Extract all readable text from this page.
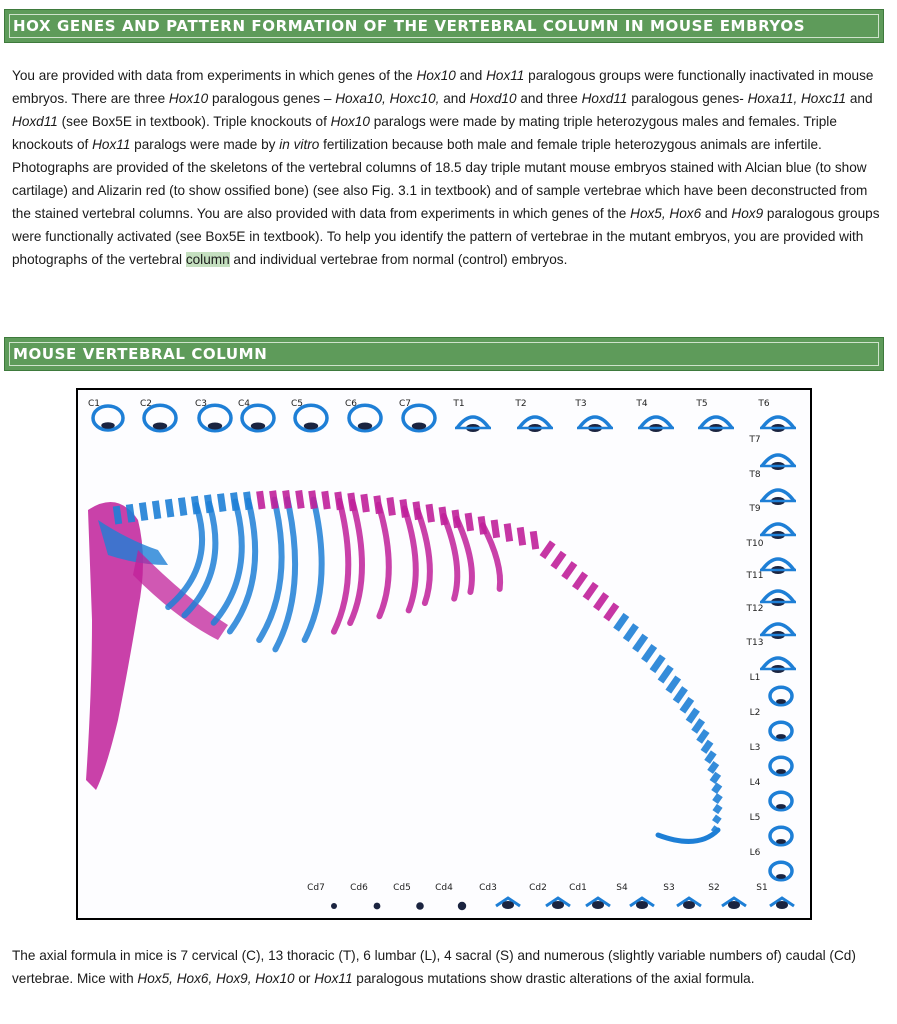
HOX GENES AND PATTERN FORMATION OF THE VERTEBRAL COLUMN IN MOUSE EMBRYOS
You are provided with data from experiments in which genes of the Hox10 and Hox11 paralogous groups were functionally inactivated in mouse embryos. There are three Hox10 paralogous genes – Hoxa10, Hoxc10, and Hoxd10 and three Hoxd11 paralogous genes- Hoxa11, Hoxc11 and Hoxd11 (see Box5E in textbook). Triple knockouts of Hox10 paralogs were made by mating triple heterozygous males and females. Triple knockouts of Hox11 paralogs were made by in vitro fertilization because both male and female triple heterozygous animals are infertile. Photographs are provided of the skeletons of the vertebral columns of 18.5 day triple mutant mouse embryos stained with Alcian blue (to show cartilage) and Alizarin red (to show ossified bone) (see also Fig. 3.1 in textbook) and of sample vertebrae which have been deconstructed from the stained vertebral columns. You are also provided with data from experiments in which genes of the Hox5, Hox6 and Hox9 paralogous groups were functionally activated (see Box5E in textbook). To help you identify the pattern of vertebrae in the mutant embryos, you are provided with photographs of the vertebral column and individual vertebrae from normal (control) embryos.
MOUSE VERTEBRAL COLUMN
C1	C2	C3	C4	C5	C6	C7	T1	T2	T3	T4	T5	T6
T7
T8
T9
T10
T11
T12
T13
L1
L2
L3
L4
L5
L6
Cd7	Cd6	Cd5	Cd4	Cd3	Cd2 Cd1	S4	S3	S2	S1
The axial formula in mice is 7 cervical (C), 13 thoracic (T), 6 lumbar (L), 4 sacral (S) and numerous (slightly variable numbers of) caudal (Cd) vertebrae. Mice with Hox5, Hox6, Hox9, Hox10 or Hox11 paralogous mutations show drastic alterations of the axial formula.
